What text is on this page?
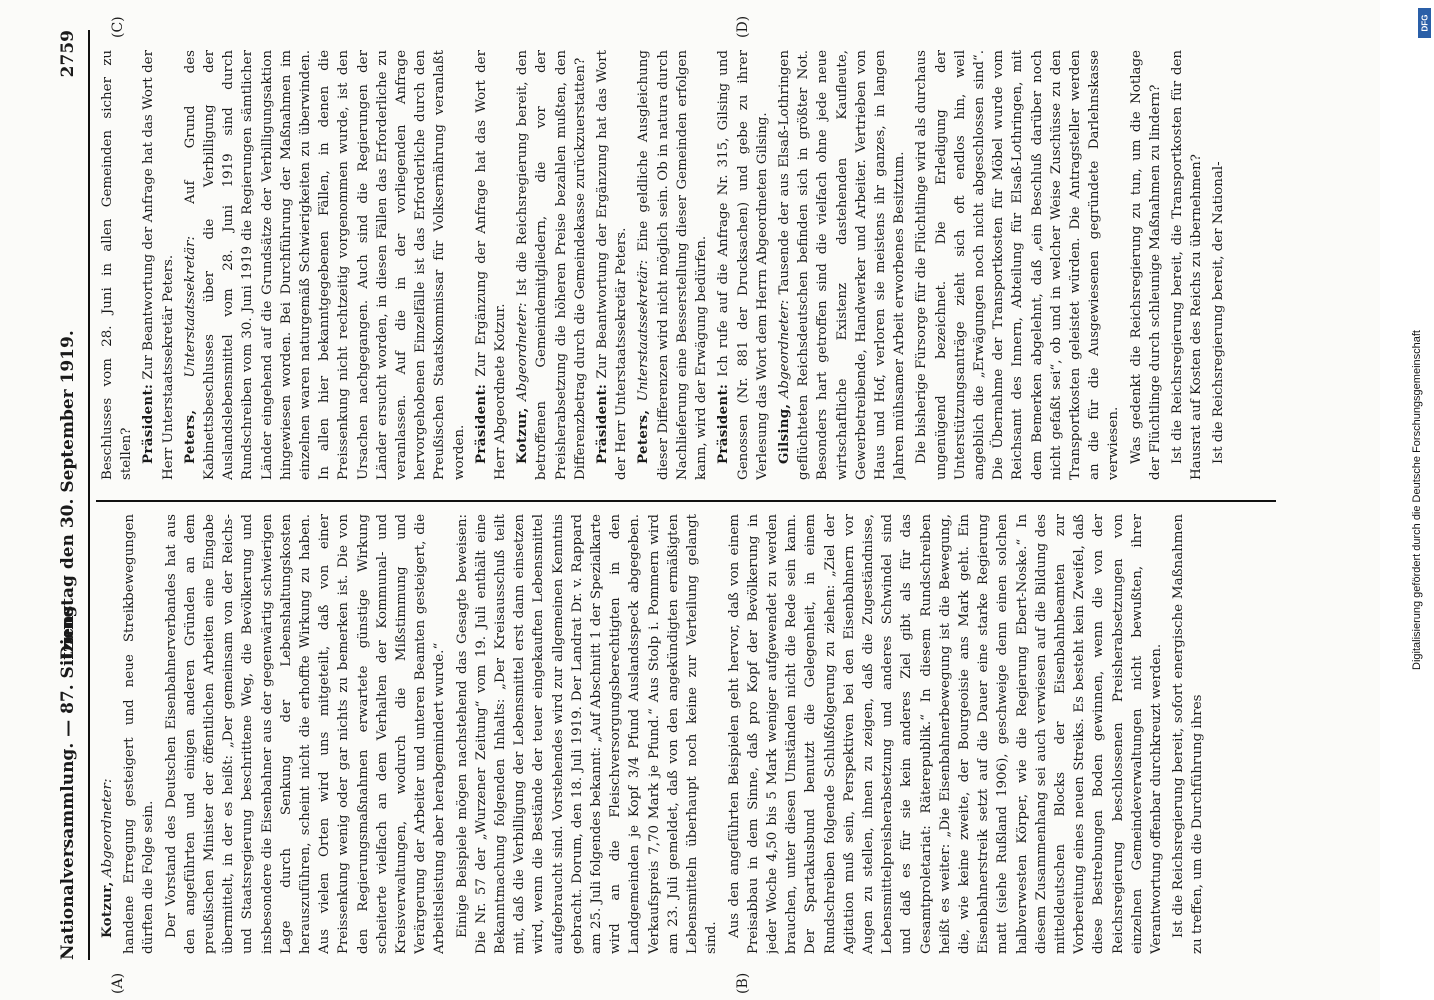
Nationalversammlung. — 87. Sitzung.
Dienstag den 30. September 1919.
2759

Kotzur, Abgeordneter: handene Erregung gesteigert und neue Streikbewegungen dürften die Folge sein. Der Vorstand des Deutschen Eisenbahnerverbandes hat aus den angeführten und einigen anderen Gründen an dem preußischen Minister der öffentlichen Arbeiten eine Eingabe übermittelt, in der es heißt: „Der gemeinsam von der Reichs- und Staatsregierung beschrittene Weg, die Bevölkerung und insbesondere die Eisenbahner aus der gegenwärtig schwierigen Lage durch Senkung der Lebenshaltungskosten herauszuführen, scheint nicht die erhoffte Wirkung zu haben. Aus vielen Orten wird uns mitgeteilt, daß von einer Preissenkung wenig oder gar nichts zu bemerken ist. Die von den Regierungsmaßnahmen erwartete günstige Wirkung scheiterte vielfach an dem Verhalten der Kommunal- und Kreisverwaltungen, wodurch die Mißstimmung und Verärgerung der Arbeiter und unteren Beamten gesteigert, die Arbeitsleistung aber herabgemindert wurde.“ Einige Beispiele mögen nachstehend das Gesagte beweisen: Die Nr. 57 der „Wurzener Zeitung“ vom 19. Juli enthält eine Bekanntmachung folgenden Inhalts: „Der Kreisausschuß teilt mit, daß die Verbilligung der Lebensmittel erst dann einsetzen wird, wenn die Bestände der teuer eingekauften Lebensmittel aufgebraucht sind. Vorstehendes wird zur allgemeinen Kenntnis gebracht. Dorum, den 18. Juli 1919. Der Landrat Dr. v. Rappard am 25. Juli folgendes bekannt: „Auf Abschnitt 1 der Spezialkarte wird an die Fleischversorgungsberechtigten in den Landgemeinden je Kopf 3/4 Pfund Auslandsspeck abgegeben. Verkaufspreis 7,70 Mark je Pfund.“ Aus Stolp i. Pommern wird am 23. Juli gemeldet, daß von den angekündigten ermäßigten Lebensmitteln überhaupt noch keine zur Verteilung gelangt sind. Aus den angeführten Beispielen geht hervor, daß von einem Preisabbau in dem Sinne, daß pro Kopf der Bevölkerung in jeder Woche 4,50 bis 5 Mark weniger aufgewendet zu werden brauchen, unter diesen Umständen nicht die Rede sein kann. Der Spartakusbund benutzt die Gelegenheit, in einem Rundschreiben folgende Schlußfolgerung zu ziehen: „Ziel der Agitation muß sein, Perspektiven bei den Eisenbahnern vor Augen zu stellen, ihnen zu zeigen, daß die Zugeständnisse, Lebensmittelpreisherabsetzung und anderes Schwindel sind und daß es für sie kein anderes Ziel gibt als für das Gesamtproletariat: Räterepublik.“ In diesem Rundschreiben heißt es weiter: „Die Eisenbahnerbewegung ist die Bewegung, die, wie keine zweite, der Bourgeoisie ans Mark geht. Ein Eisenbahnerstreik setzt auf die Dauer eine starke Regierung matt (siehe Rußland 1906), geschweige denn einen solchen halbverwesten Körper, wie die Regierung Ebert-Noske.“ In diesem Zusammenhang sei auch verwiesen auf die Bildung des mitteldeutschen Blocks der Eisenbahnbeamten zur Vorbereitung eines neuen Streiks. Es besteht kein Zweifel, daß diese Bestrebungen Boden gewinnen, wenn die von der Reichsregierung beschlossenen Preisherabsetzungen von einzelnen Gemeindeverwaltungen nicht bewußten, ihrer Verantwortung offenbar durchkreuzt werden. Ist die Reichsregierung bereit, sofort energische Maßnahmen zu treffen, um die Durchführung ihres

Beschlusses vom 28. Juni in allen Gemeinden sicher zu stellen? Präsident: Zur Beantwortung der Anfrage hat das Wort der Herr Unterstaatssekretär Peters. Peters, Unterstaatssekretär: Auf Grund des Kabinettsbeschlusses über die Verbilligung der Auslandslebensmittel vom 28. Juni 1919 sind durch Rundschreiben vom 30. Juni 1919 die Regierungen sämtlicher Länder eingehend auf die Grundsätze der Verbilligungsaktion hingewiesen worden. Bei Durchführung der Maßnahmen im einzelnen waren naturgemäß Schwierigkeiten zu überwinden. In allen hier bekanntgegebenen Fällen, in denen die Preissenkung nicht rechtzeitig vorgenommen wurde, ist den Ursachen nachgegangen. Auch sind die Regierungen der Länder ersucht worden, in diesen Fällen das Erforderliche zu veranlassen. Auf die in der vorliegenden Anfrage hervorgehobenen Einzelfälle ist das Erforderliche durch den Preußischen Staatskommissar für Volksernährung veranlaßt worden. Präsident: Zur Ergänzung der Anfrage hat das Wort der Herr Abgeordnete Kotzur. Kotzur, Abgeordneter: Ist die Reichsregierung bereit, den betroffenen Gemeindemitgliedern, die vor der Preisherabsetzung die höheren Preise bezahlen mußten, den Differenzbetrag durch die Gemeindekasse zurückzuerstatten? Präsident: Zur Beantwortung der Ergänzung hat das Wort der Herr Unterstaatssekretär Peters. Peters, Unterstaatssekretär: Eine geldliche Ausgleichung dieser Differenzen wird nicht möglich sein. Ob in natura durch Nachlieferung eine Besserstellung dieser Gemeinden erfolgen kann, wird der Erwägung bedürfen. Präsident: Ich rufe auf die Anfrage Nr. 315, Gilsing und Genossen (Nr. 881 der Drucksachen) und gebe zu ihrer Verlesung das Wort dem Herrn Abgeordneten Gilsing. Gilsing, Abgeordneter: Tausende der aus Elsaß-Lothringen geflüchteten Reichsdeutschen befinden sich in größter Not. Besonders hart getroffen sind die vielfach ohne jede neue wirtschaftliche Existenz dastehenden Kaufleute, Gewerbetreibende, Handwerker und Arbeiter. Vertrieben von Haus und Hof, verloren sie meistens ihr ganzes, in langen Jahren mühsamer Arbeit erworbenes Besitztum. Die bisherige Fürsorge für die Flüchtlinge wird als durchaus ungenügend bezeichnet. Die Erledigung der Unterstützungsanträge zieht sich oft endlos hin, weil angeblich die „Erwägungen noch nicht abgeschlossen sind“. Die Übernahme der Transportkosten für Möbel wurde vom Reichsamt des Innern, Abteilung für Elsaß-Lothringen, mit dem Bemerken abgelehnt, daß „ein Beschluß darüber noch nicht gefaßt sei“, ob und in welcher Weise Zuschüsse zu den Transportkosten geleistet würden. Die Antragsteller werden an die für die Ausgewiesenen gegründete Darlehnskasse verwiesen. Was gedenkt die Reichsregierung zu tun, um die Notlage der Flüchtlinge durch schleunige Maßnahmen zu lindern? Ist die Reichsregierung bereit, die Transportkosten für den Hausrat auf Kosten des Reichs zu übernehmen? Ist die Reichsregierung bereit, der National-

(A)	(B)
(C)	(D)
Digitalisierung gefördert durch die Deutsche Forschungsgemeinschaft
DFG
